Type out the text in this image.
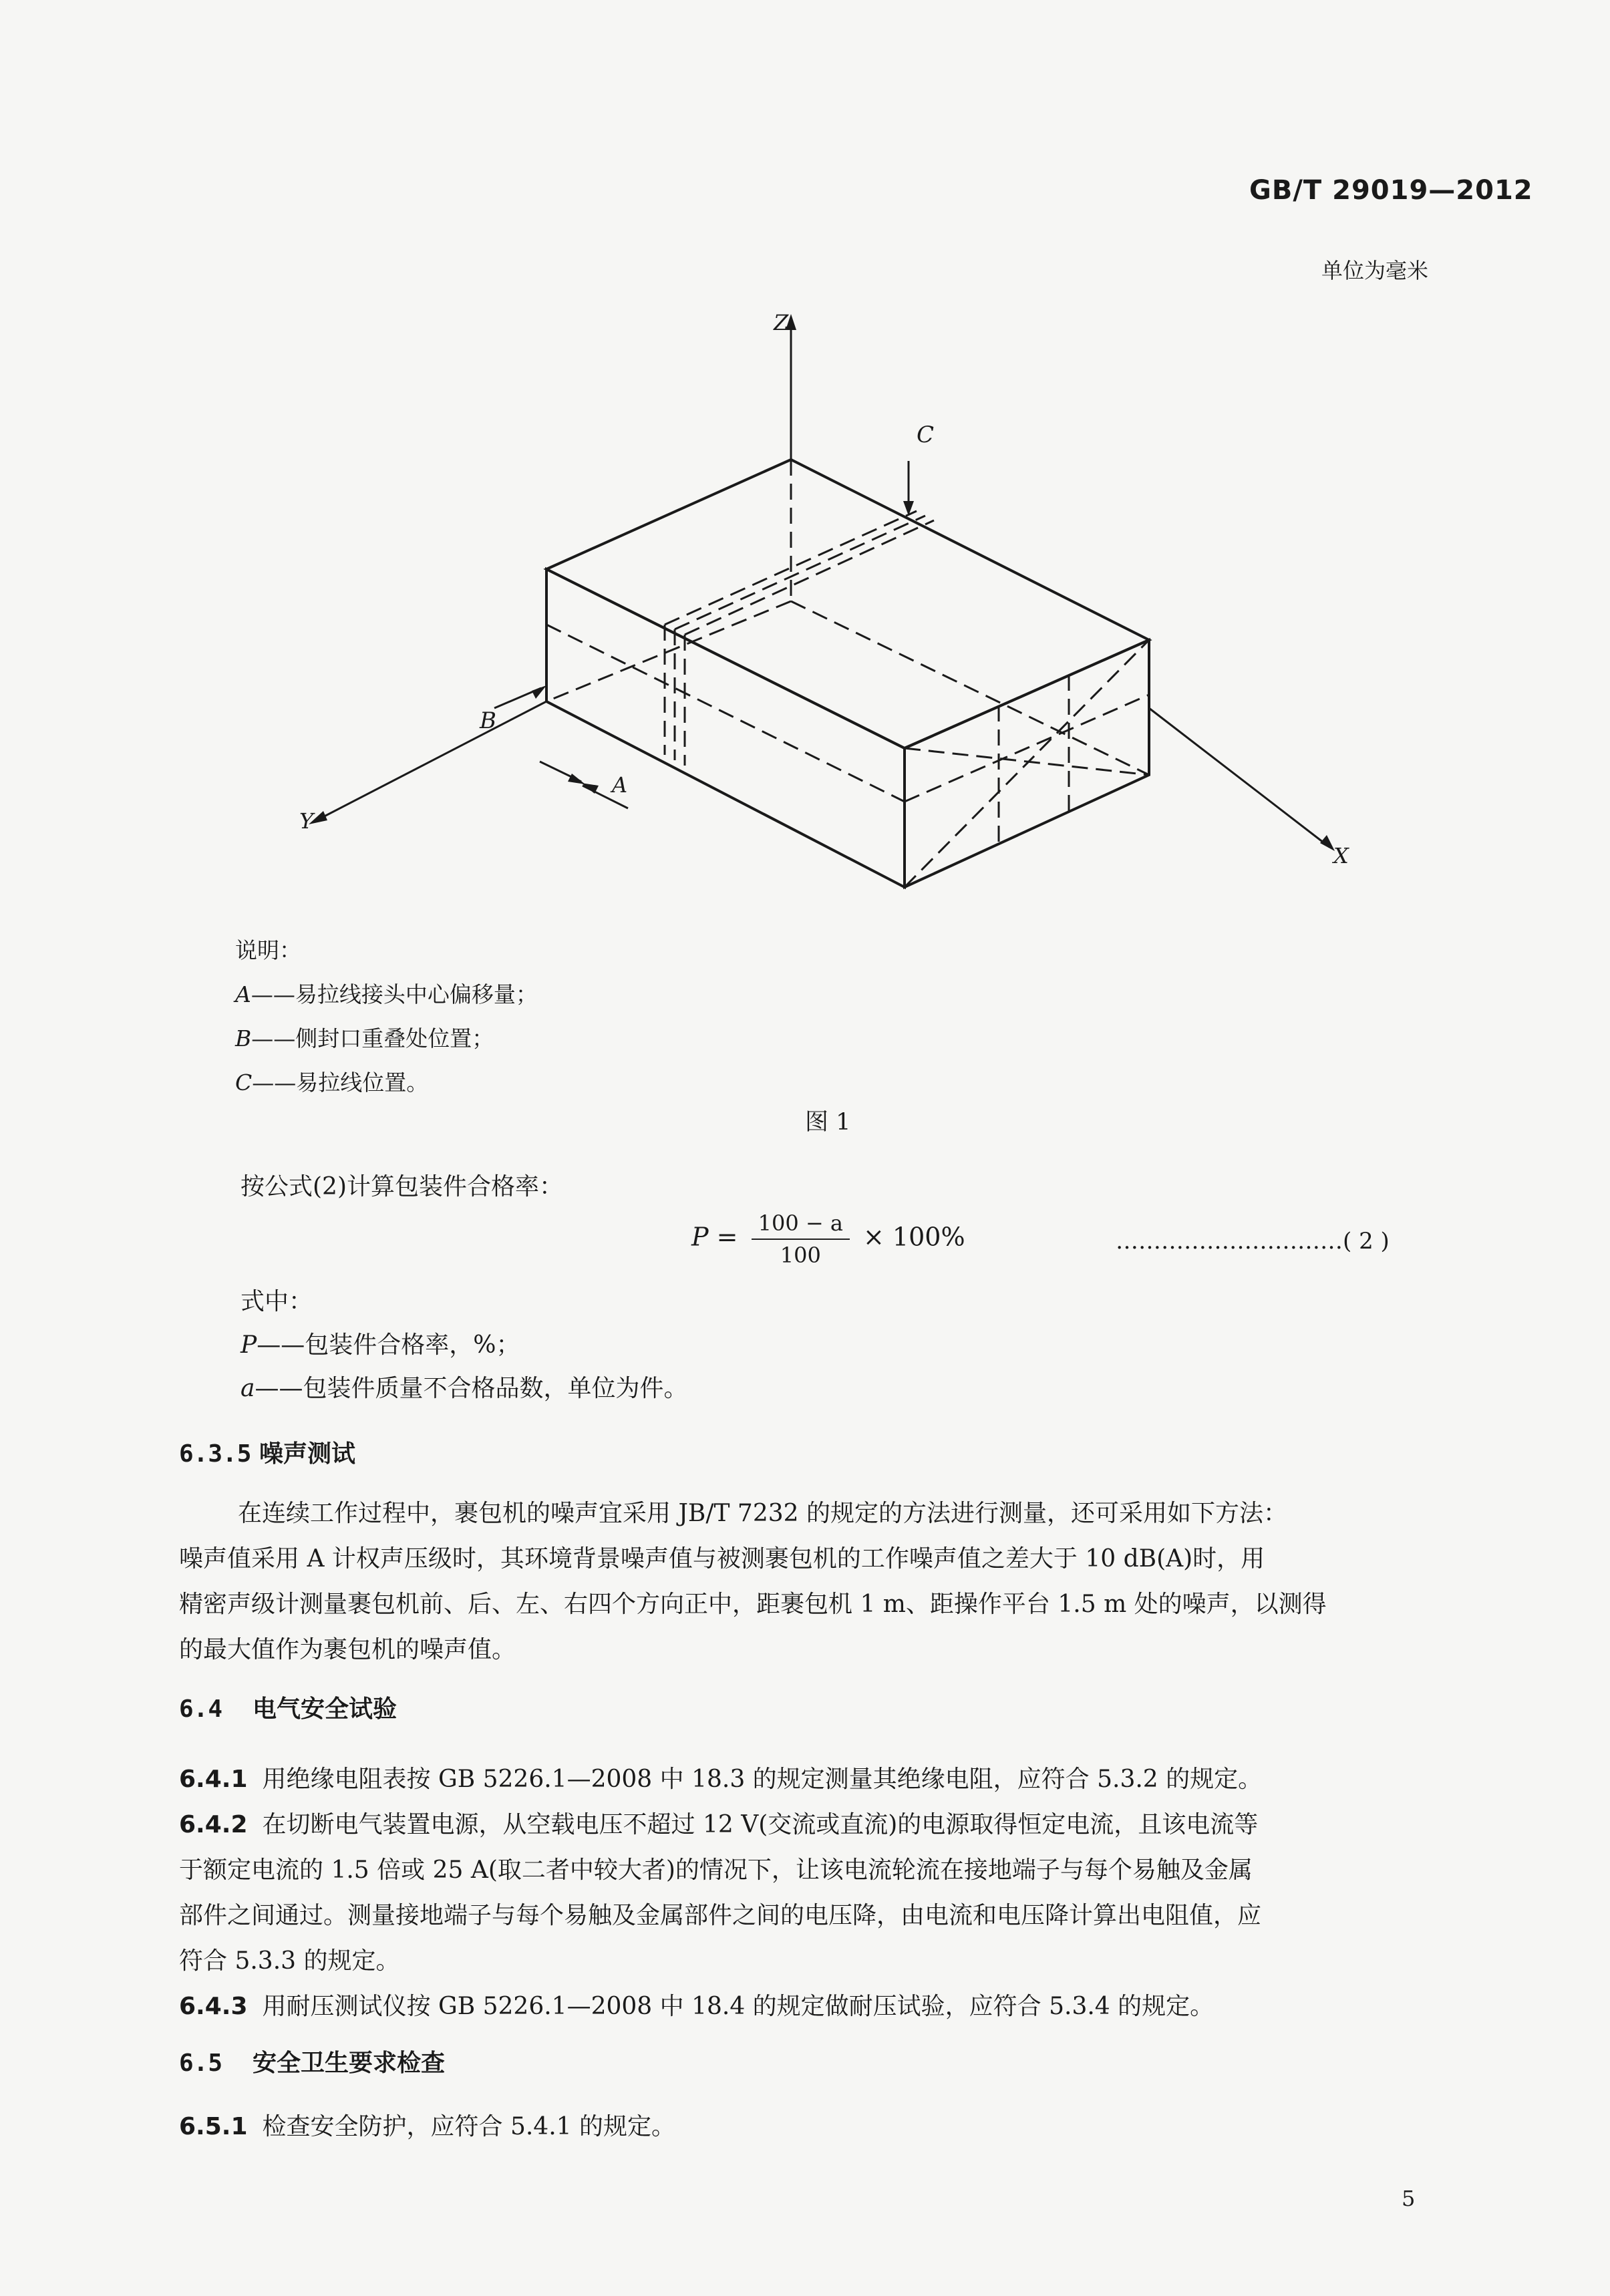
GB/T 29019—2012
单位为毫米
C
B
A
Z
Y
X
说明：
A——易拉线接头中心偏移量；
B——侧封口重叠处位置；
C——易拉线位置。
图 1
按公式(2)计算包装件合格率：
$P = \frac{100 - a}{100} \times 100\%$	…………………………( 2 )
式中：
P——包装件合格率，%；
a——包装件质量不合格品数，单位为件。
6.3.5 噪声测试
在连续工作过程中，裹包机的噪声宜采用 JB/T 7232 的规定的方法进行测量，还可采用如下方法：
噪声值采用 A 计权声压级时，其环境背景噪声值与被测裹包机的工作噪声值之差大于 10 dB(A)时，用
精密声级计测量裹包机前、后、左、右四个方向正中，距裹包机 1 m、距操作平台 1.5 m 处的噪声，以测得
的最大值作为裹包机的噪声值。
6.4 电气安全试验
6.4.1 用绝缘电阻表按 GB 5226.1—2008 中 18.3 的规定测量其绝缘电阻，应符合 5.3.2 的规定。
6.4.2 在切断电气装置电源，从空载电压不超过 12 V(交流或直流)的电源取得恒定电流，且该电流等
于额定电流的 1.5 倍或 25 A(取二者中较大者)的情况下，让该电流轮流在接地端子与每个易触及金属
部件之间通过。测量接地端子与每个易触及金属部件之间的电压降，由电流和电压降计算出电阻值，应
符合 5.3.3 的规定。
6.4.3 用耐压测试仪按 GB 5226.1—2008 中 18.4 的规定做耐压试验，应符合 5.3.4 的规定。
6.5 安全卫生要求检查
6.5.1 检查安全防护，应符合 5.4.1 的规定。
5
